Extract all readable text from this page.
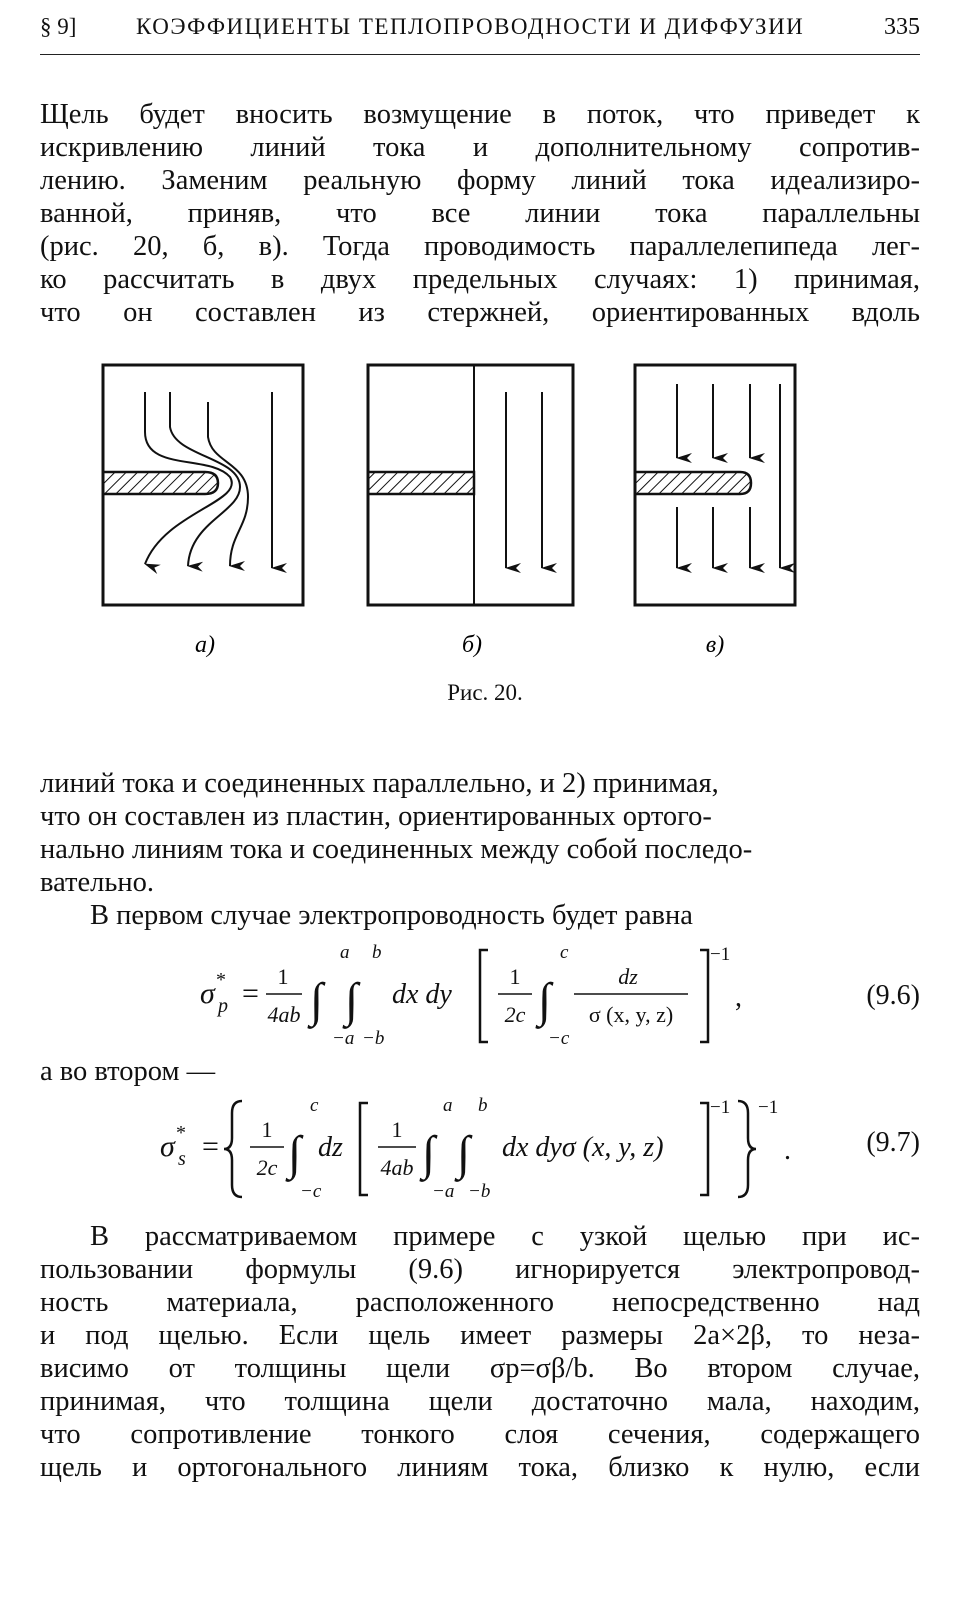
§ 9]	КОЭФФИЦИЕНТЫ ТЕПЛОПРОВОДНОСТИ И ДИФФУЗИИ	335
Щель будет вносить возмущение в поток, что приведет к
искривлению линий тока и дополнительному сопротив-
лению. Заменим реальную форму линий тока идеализиро-
ванной, приняв, что все линии тока параллельны
(рис. 20, б, в). Тогда проводимость параллелепипеда лег-
ко рассчитать в двух предельных случаях: 1) принимая,
что он составлен из стержней, ориентированных вдоль
а)	б)	в)
Рис. 20.
линий тока и соединенных параллельно, и 2) принимая,
что он составлен из пластин, ориентированных ортого-
нально линиям тока и соединенных между собой последо-
вательно.
В первом случае электропроводность будет равна
σ *
p =
1
4ab ∫
a
−a
∫
b
−b
dx dy
1
2c ∫
c
−c
dz
σ (x, y, z)
−1
,	(9.6)
а во втором —
σ *
s =
1
2c ∫
c
−c
dz
1
4ab ∫
a
−a
∫
b
−b
dx dyσ (x, y, z)
−1 −1
.	(9.7)
В рассматриваемом примере с узкой щелью при ис-
пользовании формулы (9.6) игнорируется электропровод-
ность материала, расположенного непосредственно над
и под щелью. Если щель имеет размеры 2a×2β, то неза-
висимо от толщины щели σp=σβ/b. Во втором случае,
принимая, что толщина щели достаточно мала, находим,
что сопротивление тонкого слоя сечения, содержащего
щель и ортогонального линиям тока, близко к нулю, если
